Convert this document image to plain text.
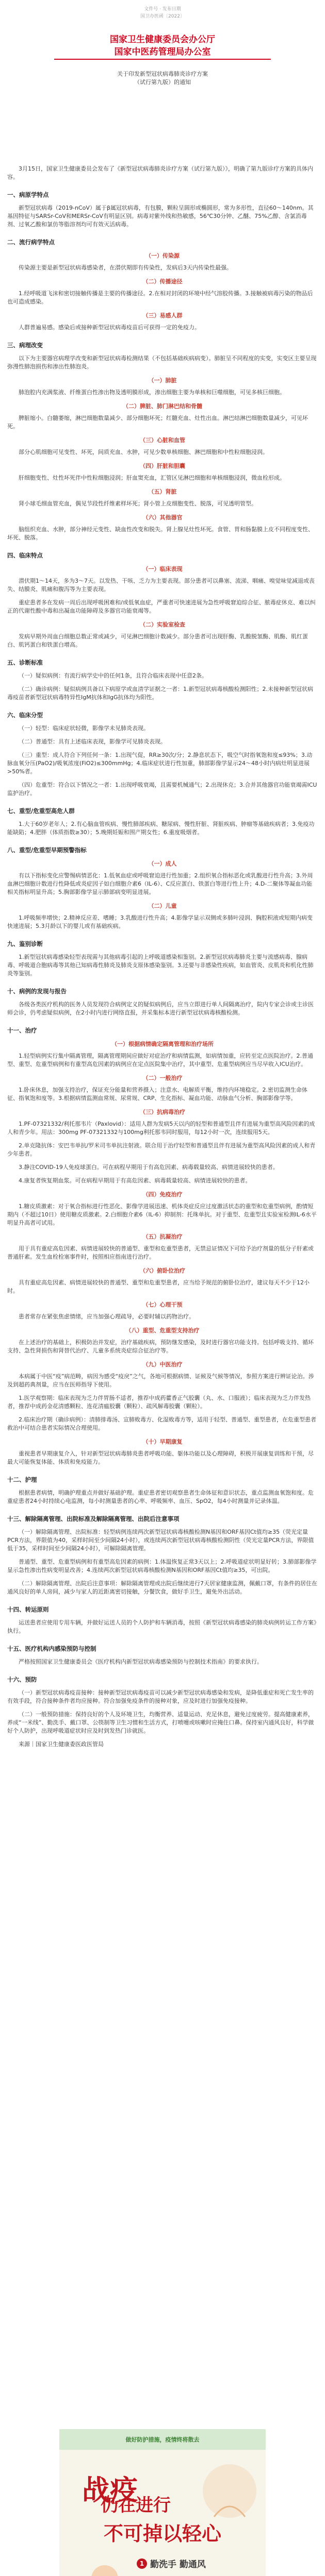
文件号 · 发布日期
国卫办医函〔2022〕
国家卫生健康委员会办公厅
国家中医药管理局办公室
关于印发新型冠状病毒肺炎诊疗方案
（试行第九版）的通知
3月15日，国家卫生健康委员会发布了《新型冠状病毒肺炎诊疗方案（试行第九版）》，明确了第九版诊疗方案的具体内容。
一、病原学特点
新型冠状病毒（2019-nCoV）属于β属冠状病毒，有包膜，颗粒呈圆形或椭圆形，常为多形性，直径60～140nm。其基因特征与SARSr-CoV和MERSr-CoV有明显区别。病毒对紫外线和热敏感，56℃30分钟、乙醚、75%乙醇、含氯消毒剂、过氧乙酸和氯仿等脂溶剂均可有效灭活病毒。
二、流行病学特点
（一）传染源
传染源主要是新型冠状病毒感染者，在潜伏期即有传染性，发病后3天内传染性最强。
（二）传播途径
1.经呼吸道飞沫和密切接触传播是主要的传播途径。2.在相对封闭的环境中经气溶胶传播。3.接触被病毒污染的物品后也可造成感染。
（三）易感人群
人群普遍易感。感染后或接种新型冠状病毒疫苗后可获得一定的免疫力。
三、病理改变
以下为主要器官病理学改变和新型冠状病毒检测结果（不包括基础疾病病变）。肺脏呈不同程度的实变，实变区主要呈现弥漫性肺泡损伤和渗出性肺泡炎。
（一）肺脏
肺泡腔内充满浆液、纤维蛋白性渗出物及透明膜形成，渗出细胞主要为单核和巨噬细胞，可见多核巨细胞。
（二）脾脏、肺门淋巴结和骨髓
脾脏缩小。白髓萎缩，淋巴细胞数量减少、部分细胞坏死；红髓充血、灶性出血。淋巴结淋巴细胞数量减少，可见坏死。
（三）心脏和血管
部分心肌细胞可见变性、坏死，间质充血、水肿，可见少数单核细胞、淋巴细胞和中性粒细胞浸润。
（四）肝脏和胆囊
肝细胞变性、灶性坏死伴中性粒细胞浸润；肝血窦充血，汇管区见淋巴细胞和单核细胞浸润，微血栓形成。
（五）肾脏
肾小球毛细血管充血，偶见节段性纤维素样坏死；肾小管上皮细胞变性、脱落，可见透明管型。
（六）其他器官
脑组织充血、水肿，部分神经元变性、缺血性改变和脱失。肾上腺见灶性坏死。食管、胃和肠黏膜上皮不同程度变性、坏死、脱落。
四、临床特点
（一）临床表现
潜伏期1～14天，多为3～7天。以发热、干咳、乏力为主要表现。部分患者可以鼻塞、流涕、咽痛、嗅觉味觉减退或丧失、结膜炎、肌痛和腹泻等为主要表现。
重症患者多在发病一周后出现呼吸困难和/或低氧血症，严重者可快速进展为急性呼吸窘迫综合征、脓毒症休克、难以纠正的代谢性酸中毒和出凝血功能障碍及多器官功能衰竭等。
（二）实验室检查
发病早期外周血白细胞总数正常或减少，可见淋巴细胞计数减少。部分患者可出现肝酶、乳酸脱氢酶、肌酶、肌红蛋白、肌钙蛋白和铁蛋白增高。
五、诊断标准
（一）疑似病例：有流行病学史中的任何1条，且符合临床表现中任意2条。
（二）确诊病例：疑似病例具备以下病原学或血清学证据之一者：1.新型冠状病毒核酸检测阳性；2.未接种新型冠状病毒疫苗者新型冠状病毒特异性IgM抗体和IgG抗体均为阳性。
六、临床分型
（一）轻型：临床症状轻微，影像学未见肺炎表现。
（二）普通型：具有上述临床表现，影像学可见肺炎表现。
（三）重型：成人符合下列任何一条：1.出现气促，RR≥30次/分；2.静息状态下，吸空气时指氧饱和度≤93%；3.动脉血氧分压(PaO2)/吸氧浓度(FiO2)≤300mmHg；4.临床症状进行性加重，肺部影像学显示24～48小时内病灶明显进展>50%者。
（四）危重型：符合以下情况之一者：1.出现呼吸衰竭，且需要机械通气；2.出现休克；3.合并其他器官功能衰竭需ICU监护治疗。
七、重型/危重型高危人群
1.大于60岁老年人；2.有心脑血管疾病、慢性肺部疾病、糖尿病、慢性肝脏、肾脏疾病、肿瘤等基础疾病者；3.免疫功能缺陷；4.肥胖（体质指数≥30）；5.晚期妊娠和围产期女性；6.重度吸烟者。
八、重型/危重型早期预警指标
（一）成人
有以下指标变化应警惕病情恶化：1.低氧血症或呼吸窘迫进行性加重；2.组织氧合指标恶化或乳酸进行性升高；3.外周血淋巴细胞计数进行性降低或炎症因子如白细胞介素6（IL-6）、C反应蛋白、铁蛋白等进行性上升；4.D-二聚体等凝血功能相关指标明显升高；5.胸部影像学显示肺部病变明显进展。
（二）儿童
1.呼吸频率增快；2.精神反应差、嗜睡；3.乳酸进行性升高；4.影像学显示双侧或多肺叶浸润、胸腔积液或短期内病变快速进展；5.3月龄以下的婴儿或有基础疾病。
九、鉴别诊断
1.新型冠状病毒感染轻型表现需与其他病毒引起的上呼吸道感染相鉴别。2.新型冠状病毒肺炎主要与流感病毒、腺病毒、呼吸道合胞病毒等其他已知病毒性肺炎及肺炎支原体感染鉴别。3.还要与非感染性疾病，如血管炎、皮肌炎和机化性肺炎等鉴别。
十、病例的发现与报告
各级各类医疗机构的医务人员发现符合病例定义的疑似病例后，应当立即进行单人间隔离治疗，院内专家会诊或主诊医师会诊，仍考虑疑似病例，在2小时内进行网络直报，并采集标本进行新型冠状病毒核酸检测。
十一、治疗
（一）根据病情确定隔离管理和治疗场所
1.轻型病例实行集中隔离管理，隔离管理期间应做好对症治疗和病情监测，如病情加重，应转至定点医院治疗。2.普通型、重型、危重型病例和有重型高危因素的病例应在定点医院集中治疗，其中重型、危重型病例应当尽早收入ICU治疗。
（二）一般治疗
1.卧床休息，加强支持治疗，保证充分能量和营养摄入；注意水、电解质平衡，维持内环境稳定。2.密切监测生命体征、指氧饱和度等。3.根据病情监测血常规、尿常规、CRP、生化指标、凝血功能、动脉血气分析、胸部影像学等。
（三）抗病毒治疗
1.PF-07321332/利托那韦片（Paxlovid）：适用人群为发病5天以内的轻型和普通型且伴有进展为重型高风险因素的成人和青少年。用法：300mg PF-07321332与100mg利托那韦同时服用，每12小时一次，连续服用5天。
2.单克隆抗体：安巴韦单抗/罗米司韦单抗注射液。联合用于治疗轻型和普通型且伴有进展为重型高风险因素的成人和青少年患者。
3.静注COVID-19人免疫球蛋白。可在病程早期用于有高危因素、病毒载量较高、病情进展较快的患者。
4.康复者恢复期血浆。可在病程早期用于有高危因素、病毒载量较高、病情进展较快的患者。
（四）免疫治疗
1.糖皮质激素：对于氧合指标进行性恶化、影像学进展迅速、机体炎症反应过度激活状态的重型和危重型病例，酌情短期内（不超过10日）使用糖皮质激素。2.白细胞介素6（IL-6）抑制剂：托珠单抗。对于重型、危重型且实验室检测IL-6水平明显升高者可试用。
（五）抗凝治疗
用于具有重症高危因素、病情进展较快的普通型、重型和危重型患者，无禁忌证情况下可给予治疗剂量的低分子肝素或普通肝素。发生血栓栓塞事件时，按照相应指南进行治疗。
（六）俯卧位治疗
具有重症高危因素、病情进展较快的普通型、重型和危重型患者，应当给予规范的俯卧位治疗，建议每天不少于12小时。
（七）心理干预
患者常存在紧张焦虑情绪，应当加强心理疏导，必要时辅以药物治疗。
（八）重型、危重型支持治疗
在上述治疗的基础上，积极防治并发症，治疗基础疾病，预防继发感染，及时进行器官功能支持。包括呼吸支持、循环支持、急性肾损伤和肾替代治疗、儿童多系统炎症综合征治疗等。
（九）中医治疗
本病属于中医“疫”病范畴，病因为感受“疫戾”之气，各地可根据病情、证候及气候等情况，参照方案进行辨证论治。涉及到超药典剂量，应当在医师指导下使用。
1.医学观察期：临床表现为乏力伴胃肠不适者，推荐中成药藿香正气胶囊（丸、水、口服液）；临床表现为乏力伴发热者，推荐中成药金花清感颗粒、连花清瘟胶囊（颗粒）、疏风解毒胶囊（颗粒）。
2.临床治疗期（确诊病例）：清肺排毒汤、宣肺败毒方、化湿败毒方等，适用于轻型、普通型、重型患者，在危重型患者救治中可结合患者实际情况合理使用。
（十）早期康复
重视患者早期康复介入，针对新型冠状病毒肺炎患者呼吸功能、躯体功能以及心理障碍，积极开展康复训练和干预，尽最大可能恢复体能、体质和免疫能力。
十二、护理
根据患者病情，明确护理重点并做好基础护理。重症患者密切观察患者生命体征和意识状态，重点监测血氧饱和度。危重症患者24小时持续心电监测，每小时测量患者的心率、呼吸频率、血压、SpO2，每4小时测量并记录体温。
十三、解除隔离管理、出院标准及解除隔离管理、出院后注意事项
（一）解除隔离管理、出院标准：轻型病例连续两次新型冠状病毒核酸检测N基因和ORF基因Ct值均≥35（荧光定量PCR方法，界限值为40，采样时间至少间隔24小时），或连续两次新型冠状病毒核酸检测阴性（荧光定量PCR方法，界限值低于35，采样时间至少间隔24小时），可解除隔离管理。
普通型、重型、危重型病例和有重型高危因素的病例：1.体温恢复正常3天以上；2.呼吸道症状明显好转；3.肺部影像学显示急性渗出性病变明显改善；4.连续两次新型冠状病毒核酸检测N基因和ORF基因Ct值均≥35，可出院。
（二）解除隔离管理、出院后注意事项：解除隔离管理或出院后继续进行7天居家健康监测，佩戴口罩，有条件的居住在通风良好的单人房间，减少与家人的近距离密切接触，分餐饮食，做好手卫生，避免外出活动。
十四、转运原则
运送患者应使用专用车辆，并做好运送人员的个人防护和车辆消毒，按照《新型冠状病毒感染的肺炎病例转运工作方案》执行。
十五、医疗机构内感染预防与控制
严格按照国家卫生健康委员会《医疗机构内新型冠状病毒感染预防与控制技术指南》的要求执行。
十六、预防
（一）新型冠状病毒疫苗接种：接种新型冠状病毒疫苗可以减少新型冠状病毒感染和发病，是降低重症和死亡发生率的有效手段，符合接种条件者均应接种。符合加强免疫条件的接种对象，应及时进行加强免疫接种。
（二）一般预防措施：保持良好的个人及环境卫生，均衡营养、适量运动、充足休息，避免过度疲劳。提高健康素养，养成“一米线”、勤洗手、戴口罩、公筷制等卫生习惯和生活方式，打喷嚏或咳嗽时应掩住口鼻。保持室内通风良好，科学做好个人防护，出现呼吸道症状时应及时到发热门诊就医。
来源｜国家卫生健康委医政医管局
做好防护措施，疫情终将散去
战疫
仍在进行
不可掉以轻心
1 勤洗手 勤通风
